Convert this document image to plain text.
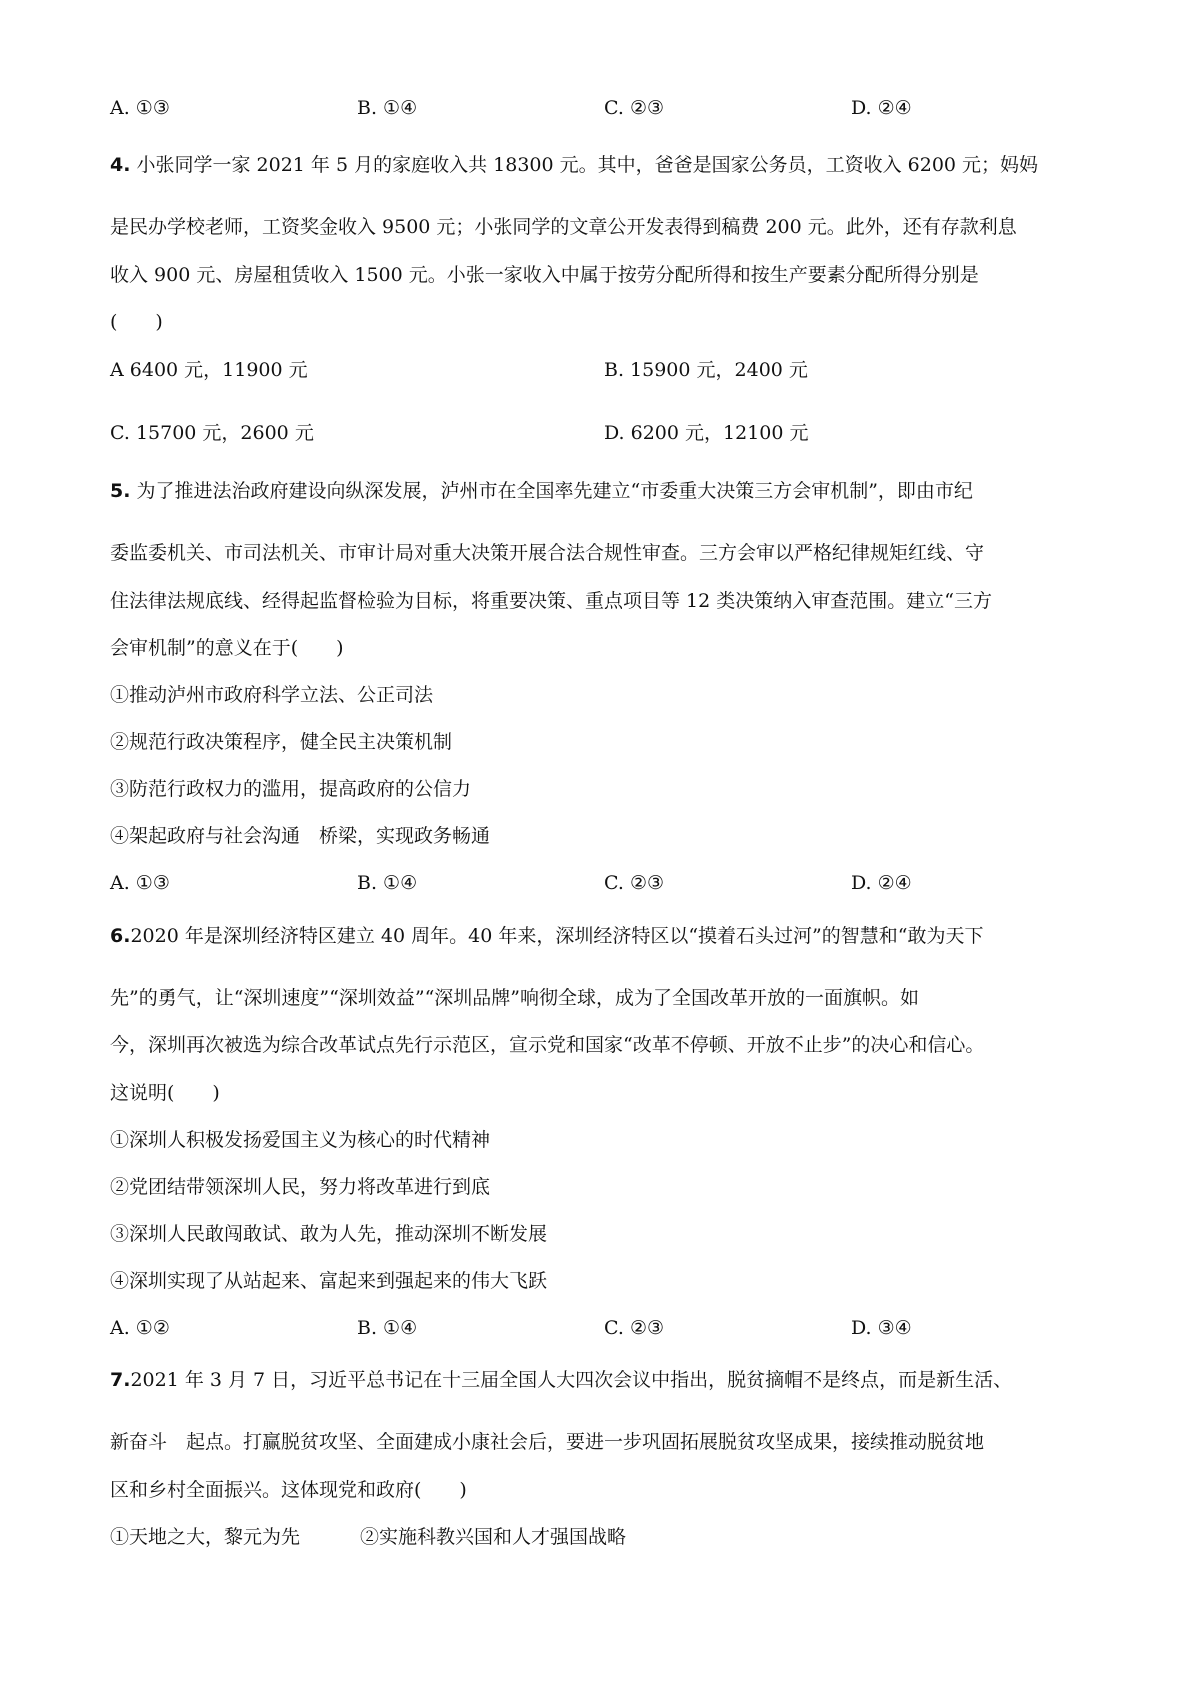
A. ①③	B. ①④	C. ②③	D. ②④
4. 小张同学一家 2021 年 5 月的家庭收入共 18300 元。其中，爸爸是国家公务员，工资收入 6200 元；妈妈
是民办学校老师，工资奖金收入 9500 元；小张同学的文章公开发表得到稿费 200 元。此外，还有存款利息
收入 900 元、房屋租赁收入 1500 元。小张一家收入中属于按劳分配所得和按生产要素分配所得分别是
(　　)
A 6400 元，11900 元	B. 15900 元，2400 元
C. 15700 元，2600 元	D. 6200 元，12100 元
5. 为了推进法治政府建设向纵深发展，泸州市在全国率先建立“市委重大决策三方会审机制”，即由市纪
委监委机关、市司法机关、市审计局对重大决策开展合法合规性审查。三方会审以严格纪律规矩红线、守
住法律法规底线、经得起监督检验为目标，将重要决策、重点项目等 12 类决策纳入审查范围。建立“三方
会审机制”的意义在于(　　)
①推动泸州市政府科学立法、公正司法
②规范行政决策程序，健全民主决策机制
③防范行政权力的滥用，提高政府的公信力
④架起政府与社会沟通　桥梁，实现政务畅通
A. ①③	B. ①④	C. ②③	D. ②④
6.2020 年是深圳经济特区建立 40 周年。40 年来，深圳经济特区以“摸着石头过河”的智慧和“敢为天下
先”的勇气，让“深圳速度”“深圳效益”“深圳品牌”响彻全球，成为了全国改革开放的一面旗帜。如
今，深圳再次被选为综合改革试点先行示范区，宣示党和国家“改革不停顿、开放不止步”的决心和信心。
这说明(　　)
①深圳人积极发扬爱国主义为核心的时代精神
②党团结带领深圳人民，努力将改革进行到底
③深圳人民敢闯敢试、敢为人先，推动深圳不断发展
④深圳实现了从站起来、富起来到强起来的伟大飞跃
A. ①②	B. ①④	C. ②③	D. ③④
7.2021 年 3 月 7 日，习近平总书记在十三届全国人大四次会议中指出，脱贫摘帽不是终点，而是新生活、
新奋斗　起点。打赢脱贫攻坚、全面建成小康社会后，要进一步巩固拓展脱贫攻坚成果，接续推动脱贫地
区和乡村全面振兴。这体现党和政府(　　)
①天地之大，黎元为先	②实施科教兴国和人才强国战略
